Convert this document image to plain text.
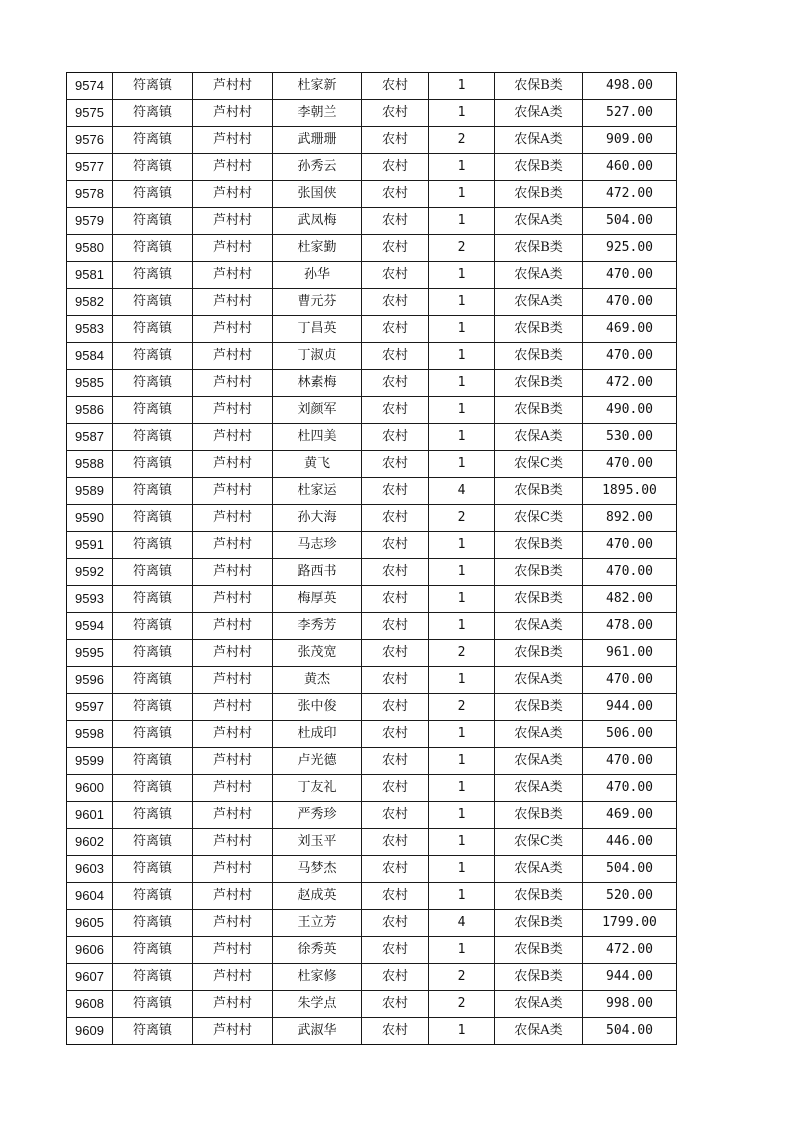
9574	符离镇	芦村村	杜家新	农村	1	农保B类	498.00
9575	符离镇	芦村村	李朝兰	农村	1	农保A类	527.00
9576	符离镇	芦村村	武珊珊	农村	2	农保A类	909.00
9577	符离镇	芦村村	孙秀云	农村	1	农保B类	460.00
9578	符离镇	芦村村	张国侠	农村	1	农保B类	472.00
9579	符离镇	芦村村	武凤梅	农村	1	农保A类	504.00
9580	符离镇	芦村村	杜家勤	农村	2	农保B类	925.00
9581	符离镇	芦村村	孙华	农村	1	农保A类	470.00
9582	符离镇	芦村村	曹元芬	农村	1	农保A类	470.00
9583	符离镇	芦村村	丁昌英	农村	1	农保B类	469.00
9584	符离镇	芦村村	丁淑贞	农村	1	农保B类	470.00
9585	符离镇	芦村村	林素梅	农村	1	农保B类	472.00
9586	符离镇	芦村村	刘颜军	农村	1	农保B类	490.00
9587	符离镇	芦村村	杜四美	农村	1	农保A类	530.00
9588	符离镇	芦村村	黄飞	农村	1	农保C类	470.00
9589	符离镇	芦村村	杜家运	农村	4	农保B类	1895.00
9590	符离镇	芦村村	孙大海	农村	2	农保C类	892.00
9591	符离镇	芦村村	马志珍	农村	1	农保B类	470.00
9592	符离镇	芦村村	路西书	农村	1	农保B类	470.00
9593	符离镇	芦村村	梅厚英	农村	1	农保B类	482.00
9594	符离镇	芦村村	李秀芳	农村	1	农保A类	478.00
9595	符离镇	芦村村	张茂宽	农村	2	农保B类	961.00
9596	符离镇	芦村村	黄杰	农村	1	农保A类	470.00
9597	符离镇	芦村村	张中俊	农村	2	农保B类	944.00
9598	符离镇	芦村村	杜成印	农村	1	农保A类	506.00
9599	符离镇	芦村村	卢光德	农村	1	农保A类	470.00
9600	符离镇	芦村村	丁友礼	农村	1	农保A类	470.00
9601	符离镇	芦村村	严秀珍	农村	1	农保B类	469.00
9602	符离镇	芦村村	刘玉平	农村	1	农保C类	446.00
9603	符离镇	芦村村	马梦杰	农村	1	农保A类	504.00
9604	符离镇	芦村村	赵成英	农村	1	农保B类	520.00
9605	符离镇	芦村村	王立芳	农村	4	农保B类	1799.00
9606	符离镇	芦村村	徐秀英	农村	1	农保B类	472.00
9607	符离镇	芦村村	杜家修	农村	2	农保B类	944.00
9608	符离镇	芦村村	朱学点	农村	2	农保A类	998.00
9609	符离镇	芦村村	武淑华	农村	1	农保A类	504.00
